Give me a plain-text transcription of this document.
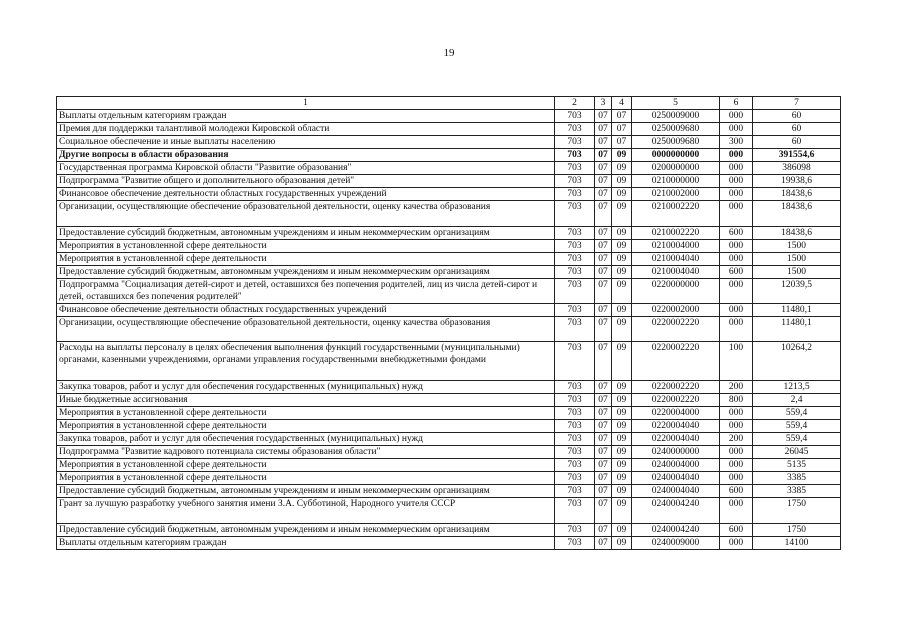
19
1	2	3	4	5	6	7
Выплаты отдельным категориям граждан	703	07	07	0250009000	000	60
Премия для поддержки талантливой молодежи Кировской области	703	07	07	0250009680	000	60
Социальное обеспечение и иные выплаты населению	703	07	07	0250009680	300	60
Другие вопросы в области образования	703	07	09	0000000000	000	391554,6
Государственная программа Кировской области "Развитие образования"	703	07	09	0200000000	000	386098
Подпрограмма "Развитие общего и дополнительного образования детей"	703	07	09	0210000000	000	19938,6
Финансовое обеспечение деятельности областных государственных учреждений	703	07	09	0210002000	000	18438,6
Организации, осуществляющие обеспечение образовательной деятельности, оценку качества образования	703	07	09	0210002220	000	18438,6
Предоставление субсидий бюджетным, автономным учреждениям и иным некоммерческим организациям	703	07	09	0210002220	600	18438,6
Мероприятия в установленной сфере деятельности	703	07	09	0210004000	000	1500
Мероприятия в установленной сфере деятельности	703	07	09	0210004040	000	1500
Предоставление субсидий бюджетным, автономным учреждениям и иным некоммерческим организациям	703	07	09	0210004040	600	1500
Подпрограмма "Социализация детей-сирот и детей, оставшихся без попечения родителей, лиц из числа детей-сирот и детей, оставшихся без попечения родителей"	703	07	09	0220000000	000	12039,5
Финансовое обеспечение деятельности областных государственных учреждений	703	07	09	0220002000	000	11480,1
Организации, осуществляющие обеспечение образовательной деятельности, оценку качества образования	703	07	09	0220002220	000	11480,1
Расходы на выплаты персоналу в целях обеспечения выполнения функций государственными (муниципальными) органами, казенными учреждениями, органами управления государственными внебюджетными фондами	703	07	09	0220002220	100	10264,2
Закупка товаров, работ и услуг для обеспечения государственных (муниципальных) нужд	703	07	09	0220002220	200	1213,5
Иные бюджетные ассигнования	703	07	09	0220002220	800	2,4
Мероприятия в установленной сфере деятельности	703	07	09	0220004000	000	559,4
Мероприятия в установленной сфере деятельности	703	07	09	0220004040	000	559,4
Закупка товаров, работ и услуг для обеспечения государственных (муниципальных) нужд	703	07	09	0220004040	200	559,4
Подпрограмма "Развитие кадрового потенциала системы образования области"	703	07	09	0240000000	000	26045
Мероприятия в установленной сфере деятельности	703	07	09	0240004000	000	5135
Мероприятия в установленной сфере деятельности	703	07	09	0240004040	000	3385
Предоставление субсидий бюджетным, автономным учреждениям и иным некоммерческим организациям	703	07	09	0240004040	600	3385
Грант за лучшую разработку учебного занятия имени З.А. Субботиной, Народного учителя СССР	703	07	09	0240004240	000	1750
Предоставление субсидий бюджетным, автономным учреждениям и иным некоммерческим организациям	703	07	09	0240004240	600	1750
Выплаты отдельным категориям граждан	703	07	09	0240009000	000	14100
